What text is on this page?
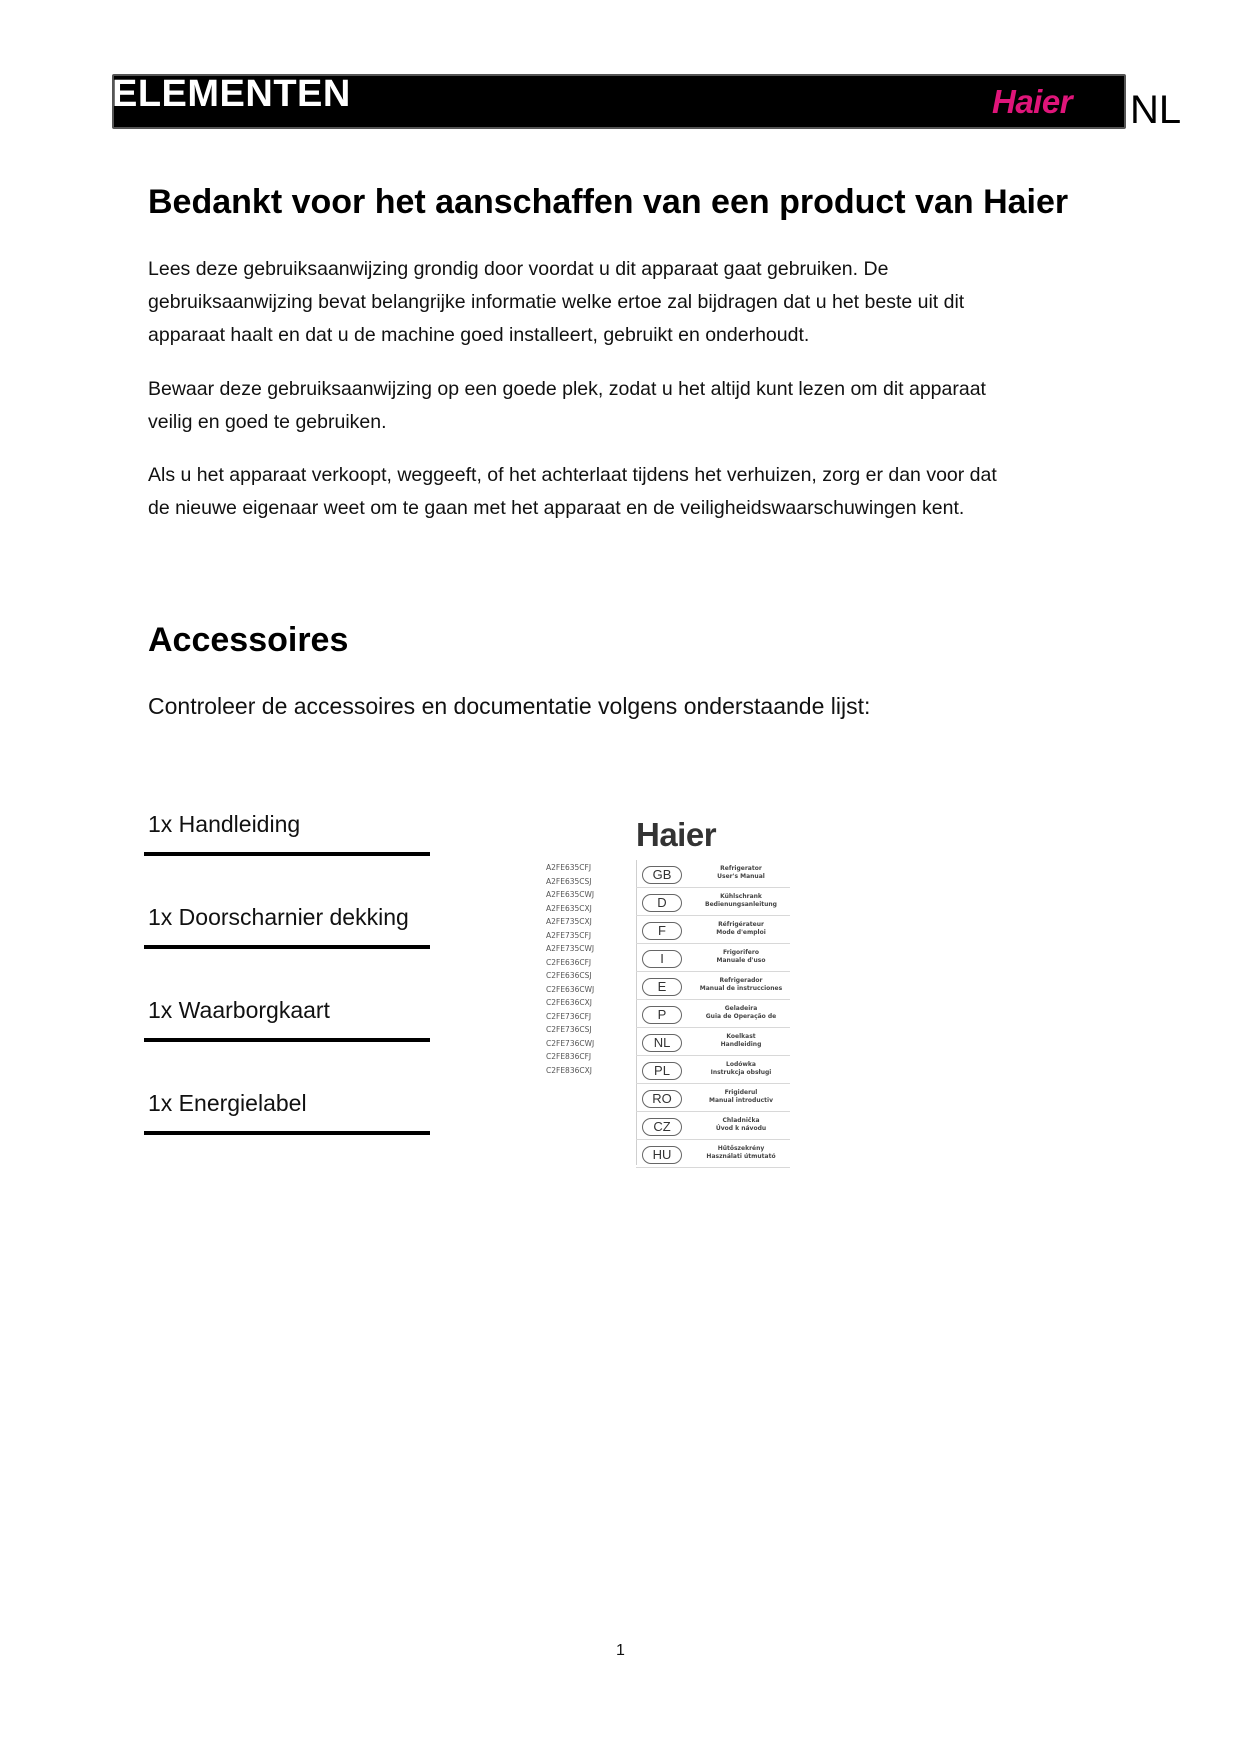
ELEMENTEN	Haier NL
Bedankt voor het aanschaffen van een product van Haier
Lees deze gebruiksaanwijzing grondig door voordat u dit apparaat gaat gebruiken. De
gebruiksaanwijzing bevat belangrijke informatie welke ertoe zal bijdragen dat u het beste uit dit
apparaat haalt en dat u de machine goed installeert, gebruikt en onderhoudt.
Bewaar deze gebruiksaanwijzing op een goede plek, zodat u het altijd kunt lezen om dit apparaat
veilig en goed te gebruiken.
Als u het apparaat verkoopt, weggeeft, of het achterlaat tijdens het verhuizen, zorg er dan voor dat
de nieuwe eigenaar weet om te gaan met het apparaat en de veiligheidswaarschuwingen kent.
Accessoires
Controleer de accessoires en documentatie volgens onderstaande lijst:
1x Handleiding
1x Doorscharnier dekking
1x Waarborgkaart
1x Energielabel
Haier
A2FE635CFJ
A2FE635CSJ
A2FE635CWJ
A2FE635CXJ
A2FE735CXJ
A2FE735CFJ
A2FE735CWJ
C2FE636CFJ
C2FE636CSJ
C2FE636CWJ
C2FE636CXJ
C2FE736CFJ
C2FE736CSJ
C2FE736CWJ
C2FE836CFJ
C2FE836CXJ
GB	Refrigerator
User's Manual
D	Kühlschrank
Bedienungsanleitung
F	Réfrigérateur
Mode d'emploi
I	Frigorifero
Manuale d'uso
E	Refrigerador
Manual de instrucciones
P	Geladeira
Guia de Operação de
NL	Koelkast
Handleiding
PL	Lodówka
Instrukcja obsługi
RO	Frigiderul
Manual introductiv
CZ	Chladnička
Úvod k návodu
HU	Hűtőszekrény
Használati útmutató
1
